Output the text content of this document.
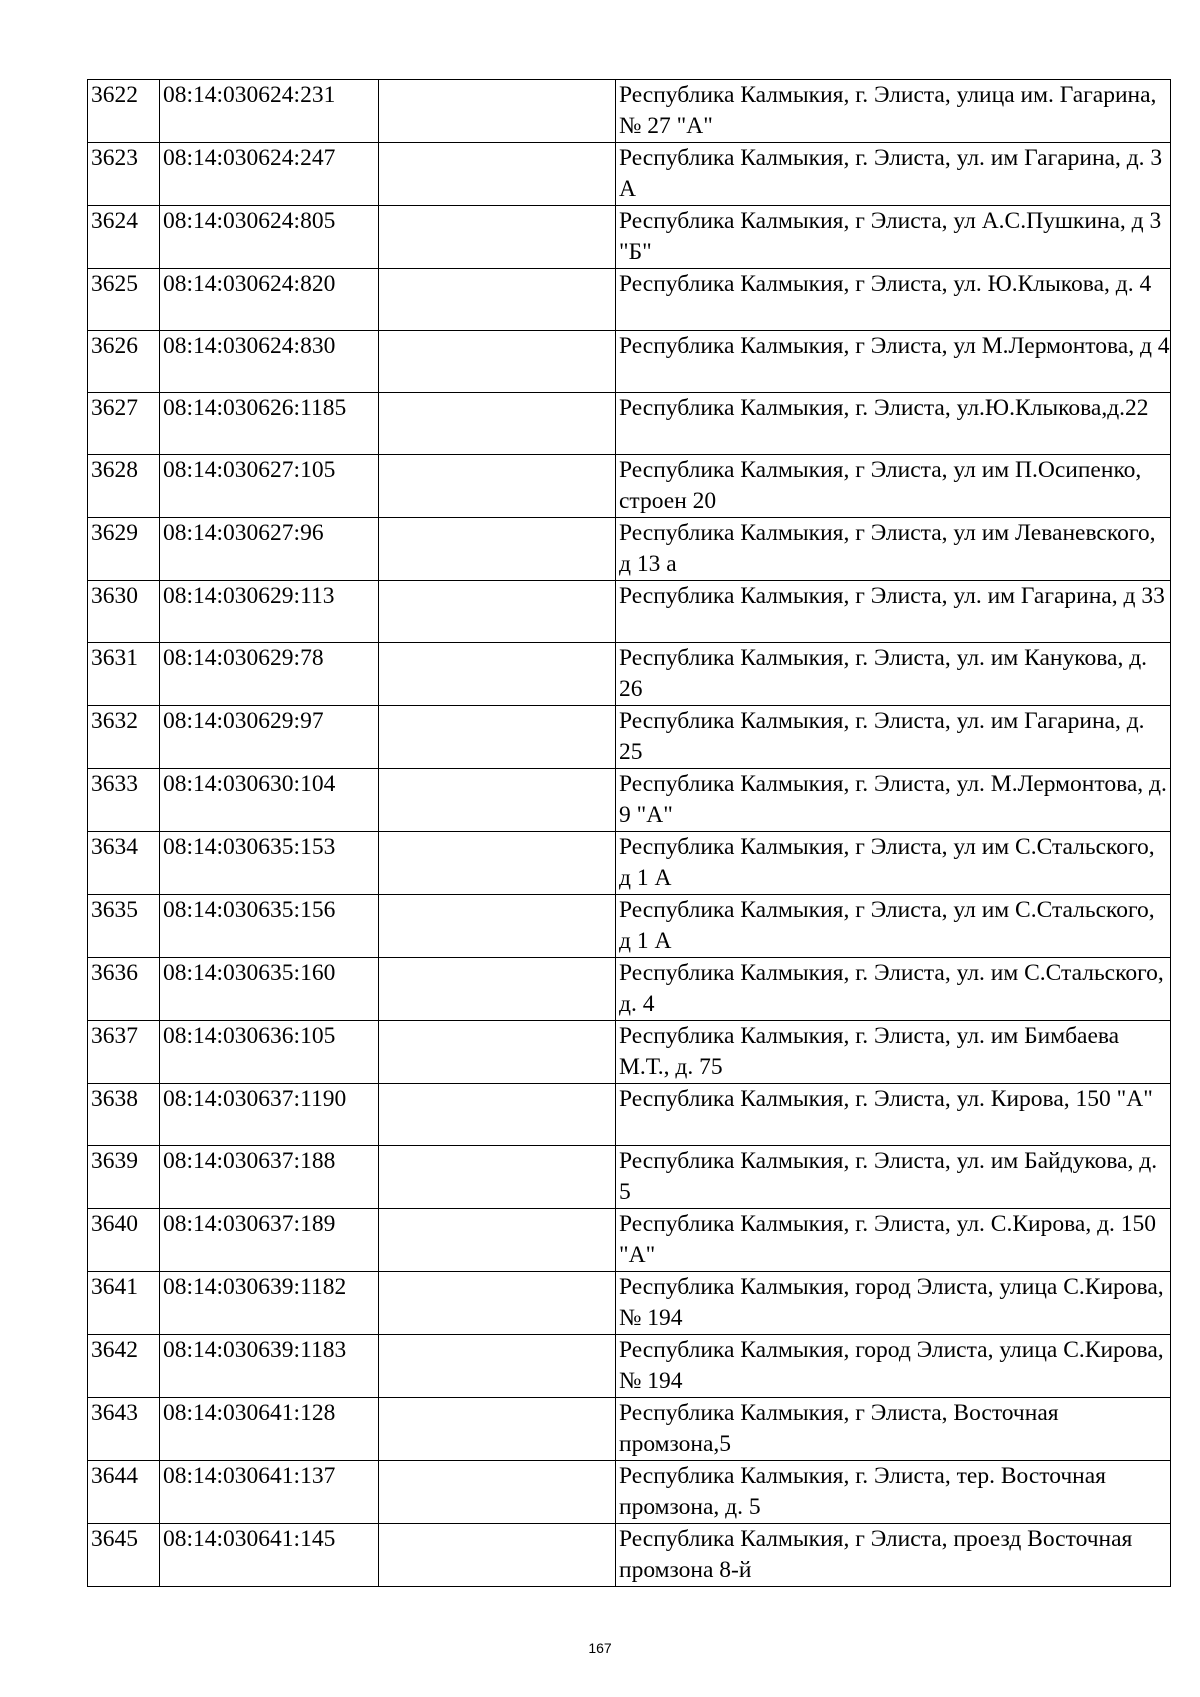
3622	08:14:030624:231		Республика Калмыкия, г. Элиста, улица им. Гагарина, № 27 "А"
3623	08:14:030624:247		Республика Калмыкия, г. Элиста, ул. им Гагарина, д. 3 А
3624	08:14:030624:805		Республика Калмыкия, г Элиста, ул А.С.Пушкина, д 3 "Б"
3625	08:14:030624:820		Республика Калмыкия, г Элиста, ул. Ю.Клыкова, д. 4
3626	08:14:030624:830		Республика Калмыкия, г Элиста, ул М.Лермонтова, д 4
3627	08:14:030626:1185		Республика Калмыкия, г. Элиста, ул.Ю.Клыкова,д.22
3628	08:14:030627:105		Республика Калмыкия, г Элиста, ул им П.Осипенко, строен 20
3629	08:14:030627:96		Республика Калмыкия, г Элиста, ул им Леваневского, д 13 а
3630	08:14:030629:113		Республика Калмыкия, г Элиста, ул. им Гагарина, д 33
3631	08:14:030629:78		Республика Калмыкия, г. Элиста, ул. им Канукова, д. 26
3632	08:14:030629:97		Республика Калмыкия, г. Элиста, ул. им Гагарина, д. 25
3633	08:14:030630:104		Республика Калмыкия, г. Элиста, ул. М.Лермонтова, д. 9 "А"
3634	08:14:030635:153		Республика Калмыкия, г Элиста, ул им С.Стальского, д 1 А
3635	08:14:030635:156		Республика Калмыкия, г Элиста, ул им С.Стальского, д 1 А
3636	08:14:030635:160		Республика Калмыкия, г. Элиста, ул. им С.Стальского, д. 4
3637	08:14:030636:105		Республика Калмыкия, г. Элиста, ул. им Бимбаева М.Т., д. 75
3638	08:14:030637:1190		Республика Калмыкия, г. Элиста, ул. Кирова, 150 "А"
3639	08:14:030637:188		Республика Калмыкия, г. Элиста, ул. им Байдукова, д. 5
3640	08:14:030637:189		Республика Калмыкия, г. Элиста, ул. С.Кирова, д. 150 "А"
3641	08:14:030639:1182		Республика Калмыкия, город Элиста, улица С.Кирова, № 194
3642	08:14:030639:1183		Республика Калмыкия, город Элиста, улица С.Кирова, № 194
3643	08:14:030641:128		Республика Калмыкия, г Элиста, Восточная промзона,5
3644	08:14:030641:137		Республика Калмыкия, г. Элиста, тер. Восточная промзона, д. 5
3645	08:14:030641:145		Республика Калмыкия, г Элиста, проезд Восточная промзона 8-й
167
